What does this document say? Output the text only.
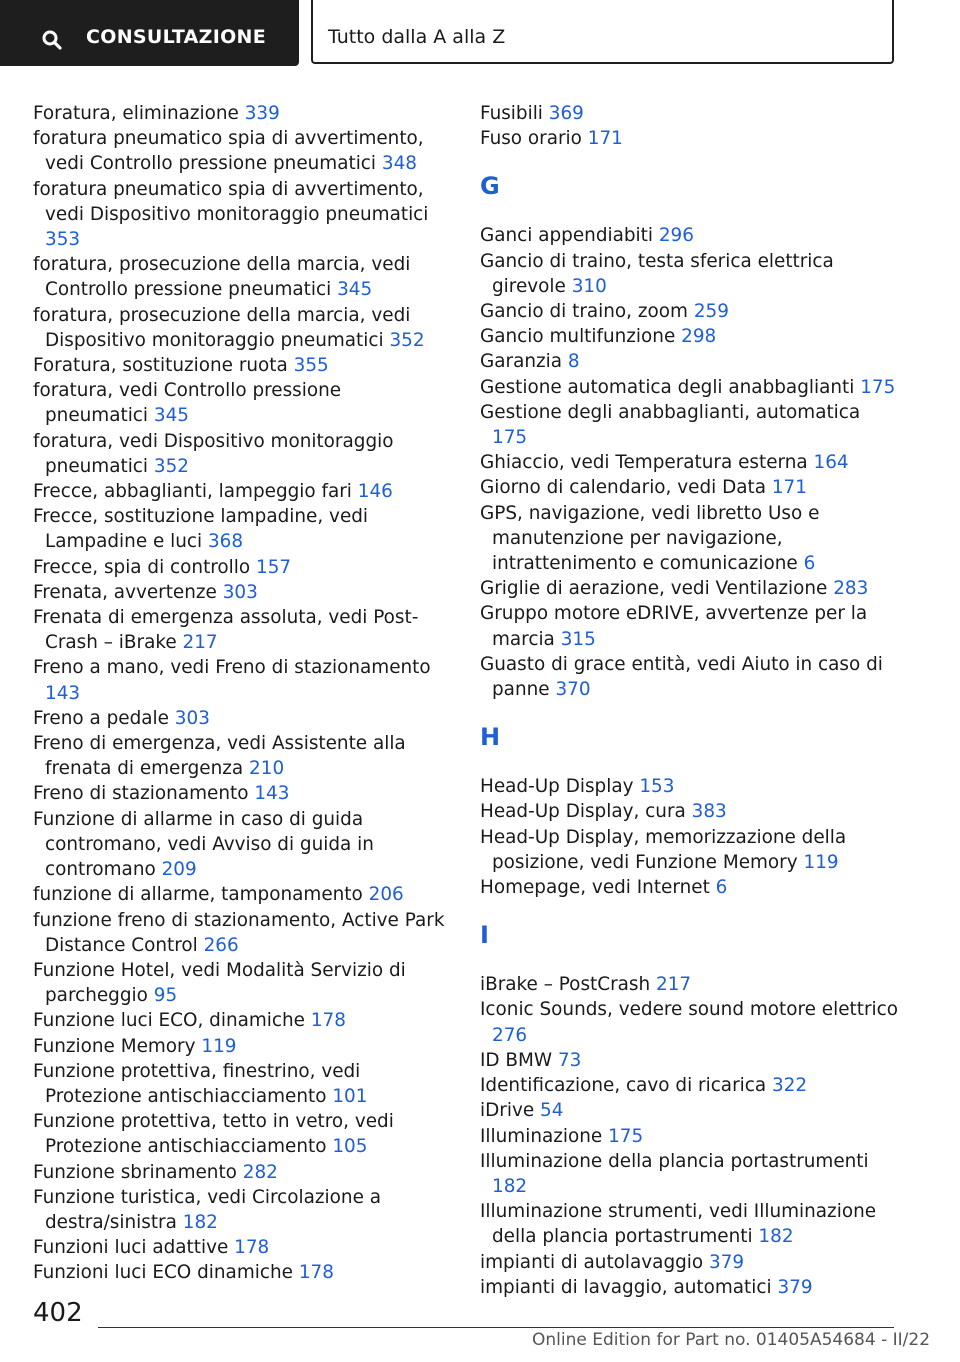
CONSULTAZIONE	Tutto dalla A alla Z
Foratura, eliminazione 339
foratura pneumatico spia di avvertimento, vedi Controllo pressione pneumatici 348
foratura pneumatico spia di avvertimento, vedi Dispositivo monitoraggio pneumatici 353
foratura, prosecuzione della marcia, vedi Controllo pressione pneumatici 345
foratura, prosecuzione della marcia, vedi Dispositivo monitoraggio pneumatici 352
Foratura, sostituzione ruota 355
foratura, vedi Controllo pressione pneumatici 345
foratura, vedi Dispositivo monitoraggio pneumatici 352
Frecce, abbaglianti, lampeggio fari 146
Frecce, sostituzione lampadine, vedi Lampadine e luci 368
Frecce, spia di controllo 157
Frenata, avvertenze 303
Frenata di emergenza assoluta, vedi Post-Crash – iBrake 217
Freno a mano, vedi Freno di stazionamento 143
Freno a pedale 303
Freno di emergenza, vedi Assistente alla frenata di emergenza 210
Freno di stazionamento 143
Funzione di allarme in caso di guida contromano, vedi Avviso di guida in contromano 209
funzione di allarme, tamponamento 206
funzione freno di stazionamento, Active Park Distance Control 266
Funzione Hotel, vedi Modalità Servizio di parcheggio 95
Funzione luci ECO, dinamiche 178
Funzione Memory 119
Funzione protettiva, finestrino, vedi Protezione antischiacciamento 101
Funzione protettiva, tetto in vetro, vedi Protezione antischiacciamento 105
Funzione sbrinamento 282
Funzione turistica, vedi Circolazione a destra/sinistra 182
Funzioni luci adattive 178
Funzioni luci ECO dinamiche 178
Fusibili 369
Fuso orario 171
G
Ganci appendiabiti 296
Gancio di traino, testa sferica elettrica girevole 310
Gancio di traino, zoom 259
Gancio multifunzione 298
Garanzia 8
Gestione automatica degli anabbaglianti 175
Gestione degli anabbaglianti, automatica 175
Ghiaccio, vedi Temperatura esterna 164
Giorno di calendario, vedi Data 171
GPS, navigazione, vedi libretto Uso e manutenzione per navigazione, intrattenimento e comunicazione 6
Griglie di aerazione, vedi Ventilazione 283
Gruppo motore eDRIVE, avvertenze per la marcia 315
Guasto di grace entità, vedi Aiuto in caso di panne 370
H
Head-Up Display 153
Head-Up Display, cura 383
Head-Up Display, memorizzazione della posizione, vedi Funzione Memory 119
Homepage, vedi Internet 6
I
iBrake – PostCrash 217
Iconic Sounds, vedere sound motore elettrico 276
ID BMW 73
Identificazione, cavo di ricarica 322
iDrive 54
Illuminazione 175
Illuminazione della plancia portastrumenti 182
Illuminazione strumenti, vedi Illuminazione della plancia portastrumenti 182
impianti di autolavaggio 379
impianti di lavaggio, automatici 379
402
Online Edition for Part no. 01405A54684 - II/22
